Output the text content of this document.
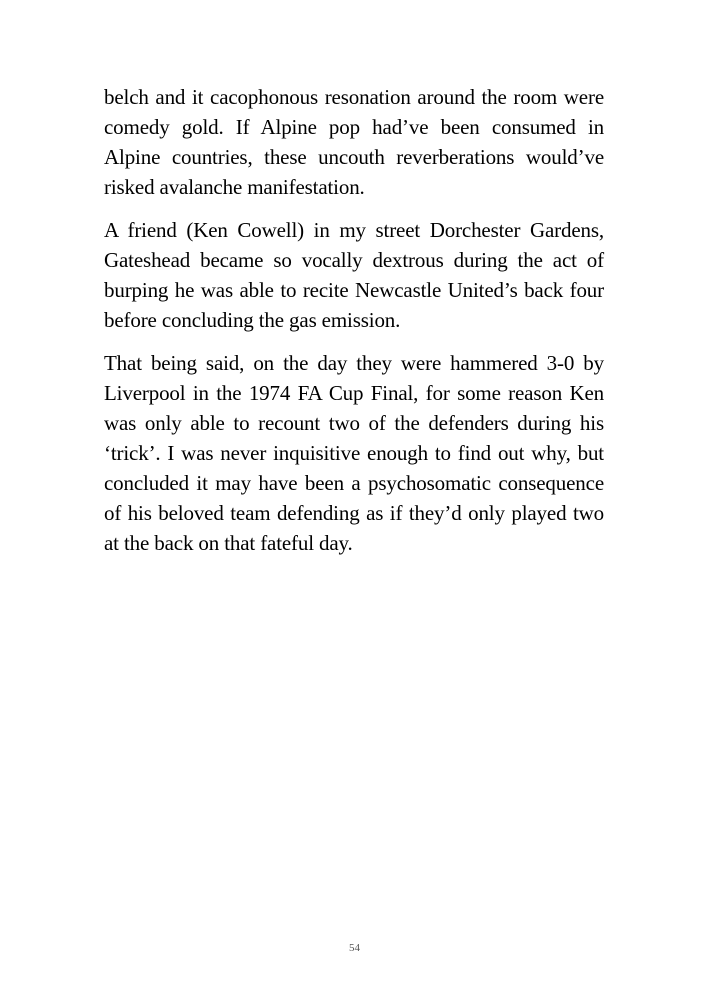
belch and it cacophonous resonation around the room were comedy gold. If Alpine pop had’ve been consumed in Alpine countries, these uncouth reverberations would’ve risked avalanche manifestation.

A friend (Ken Cowell) in my street Dorchester Gardens, Gateshead became so vocally dextrous during the act of burping he was able to recite Newcastle United’s back four before concluding the gas emission.

That being said, on the day they were hammered 3-0 by Liverpool in the 1974 FA Cup Final, for some reason Ken was only able to recount two of the defenders during his ‘trick’. I was never inquisitive enough to find out why, but concluded it may have been a psychosomatic consequence of his beloved team defending as if they’d only played two at the back on that fateful day.

54
